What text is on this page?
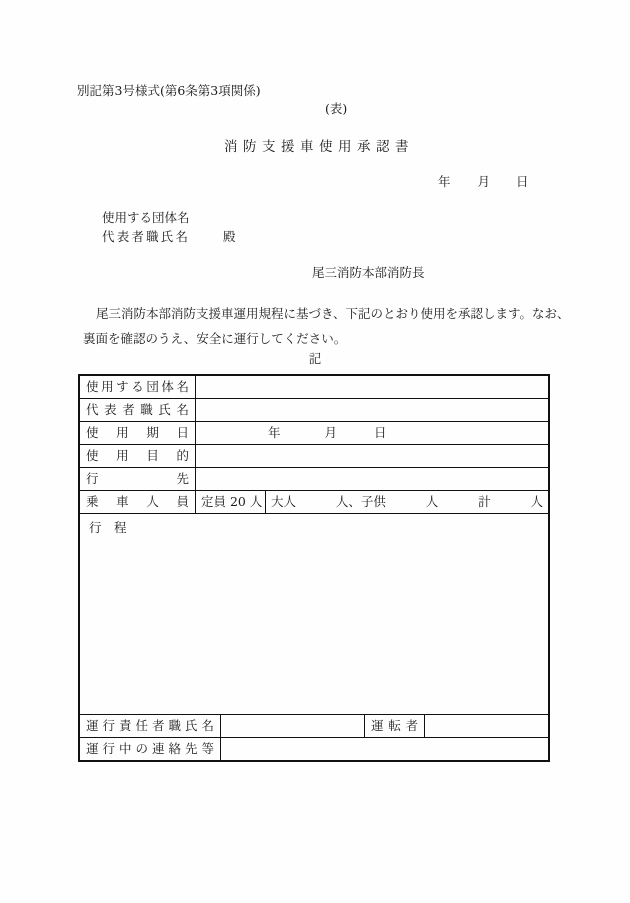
別記第3号様式(第6条第3項関係)
(表)
消防支援車使用承認書
年 月 日
使用する団体名
代表者職氏名	殿
尾三消防本部消防長
尾三消防本部消防支援車運用規程に基づき、下記のとおり使用を承認します。なお、
裏面を確認のうえ、安全に運行してください。
記
使用する団体名
代表者職氏名
使用期日	年	月	日
使用目的
行先
乗車人員 定員 20 人 大人	人、子供	人	計	人
行　程
運行責任者職氏名	運転者
運行中の連絡先等
